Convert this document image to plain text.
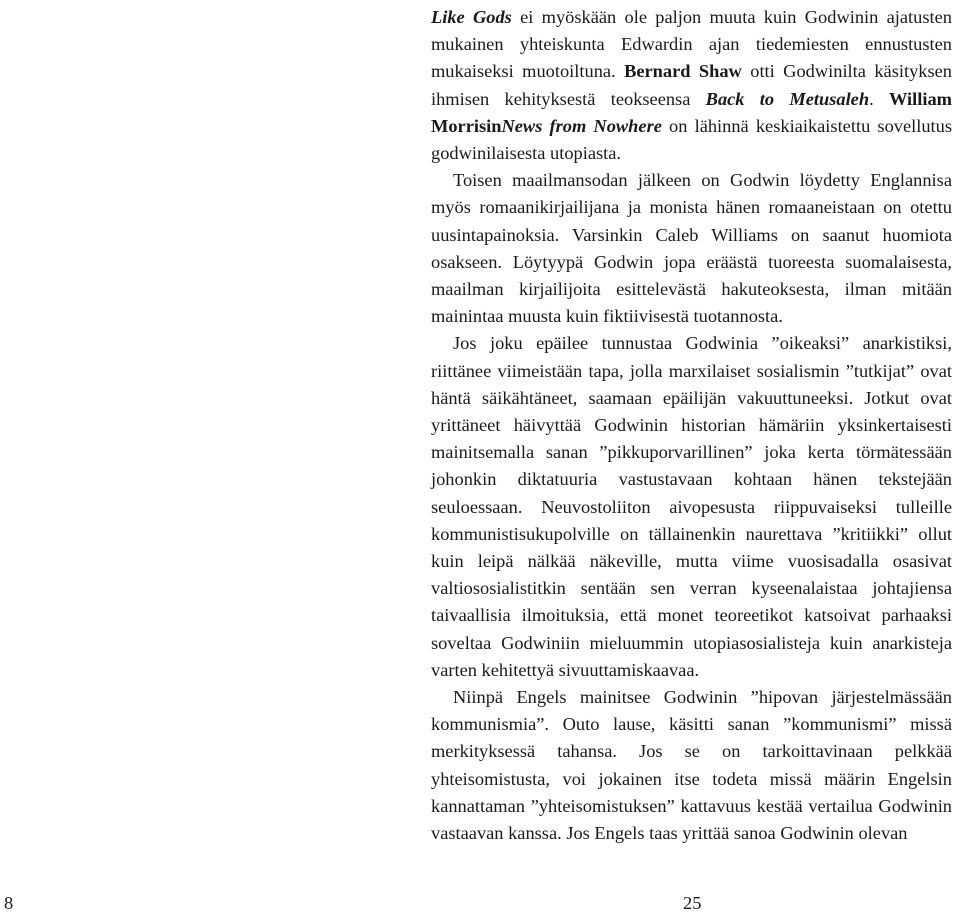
Like Gods ei myöskään ole paljon muuta kuin Godwinin ajatusten mukainen yhteiskunta Edwardin ajan tiedemiesten ennustusten mukaiseksi muotoiltuna. Bernard Shaw otti Godwinilta käsityksen ihmisen kehityksestä teokseensa Back to Metusaleh. William MorrisinNews from Nowhere on lähinnä keskiaikaistettu sovellutus godwinilaisesta utopiasta.

Toisen maailmansodan jälkeen on Godwin löydetty Englannisa myös romaanikirjailijana ja monista hänen romaaneistaan on otettu uusintapainoksia. Varsinkin Caleb Williams on saanut huomiota osakseen. Löytyypä Godwin jopa eräästä tuoreesta suomalaisesta, maailman kirjailijoita esittelevästä hakuteoksesta, ilman mitään mainintaa muusta kuin fiktiivisestä tuotannosta.

Jos joku epäilee tunnustaa Godwinia ”oikeaksi” anarkistiksi, riittänee viimeistään tapa, jolla marxilaiset sosialismin ”tutkijat” ovat häntä säikähtäneet, saamaan epäilijän vakuuttuneeksi. Jotkut ovat yrittäneet häivyttää Godwinin historian hämäriin yksinkertaisesti mainitsemalla sanan ”pikkuporvarillinen” joka kerta törmätessään johonkin diktatuuria vastustavaan kohtaan hänen tekstejään seuloessaan. Neuvostoliiton aivopesusta riippuvaiseksi tulleille kommunistisukupolville on tällainenkin naurettava ”kritiikki” ollut kuin leipä nälkää näkeville, mutta viime vuosisadalla osasivat valtiososialistitkin sentään sen verran kyseenalaistaa johtajiensa taivaallisia ilmoituksia, että monet teoreetikot katsoivat parhaaksi soveltaa Godwiniin mieluummin utopiasosialisteja kuin anarkisteja varten kehitettyä sivuuttamiskaavaa.

Niinpä Engels mainitsee Godwinin ”hipovan järjestelmässään kommunismia”. Outo lause, käsitti sanan ”kommunismi” missä merkityksessä tahansa. Jos se on tarkoittavinaan pelkkää yhteisomistusta, voi jokainen itse todeta missä määrin Engelsin kannattaman ”yhteisomistuksen” kattavuus kestää vertailua Godwinin vastaavan kanssa. Jos Engels taas yrittää sanoa Godwinin olevan

8	25
